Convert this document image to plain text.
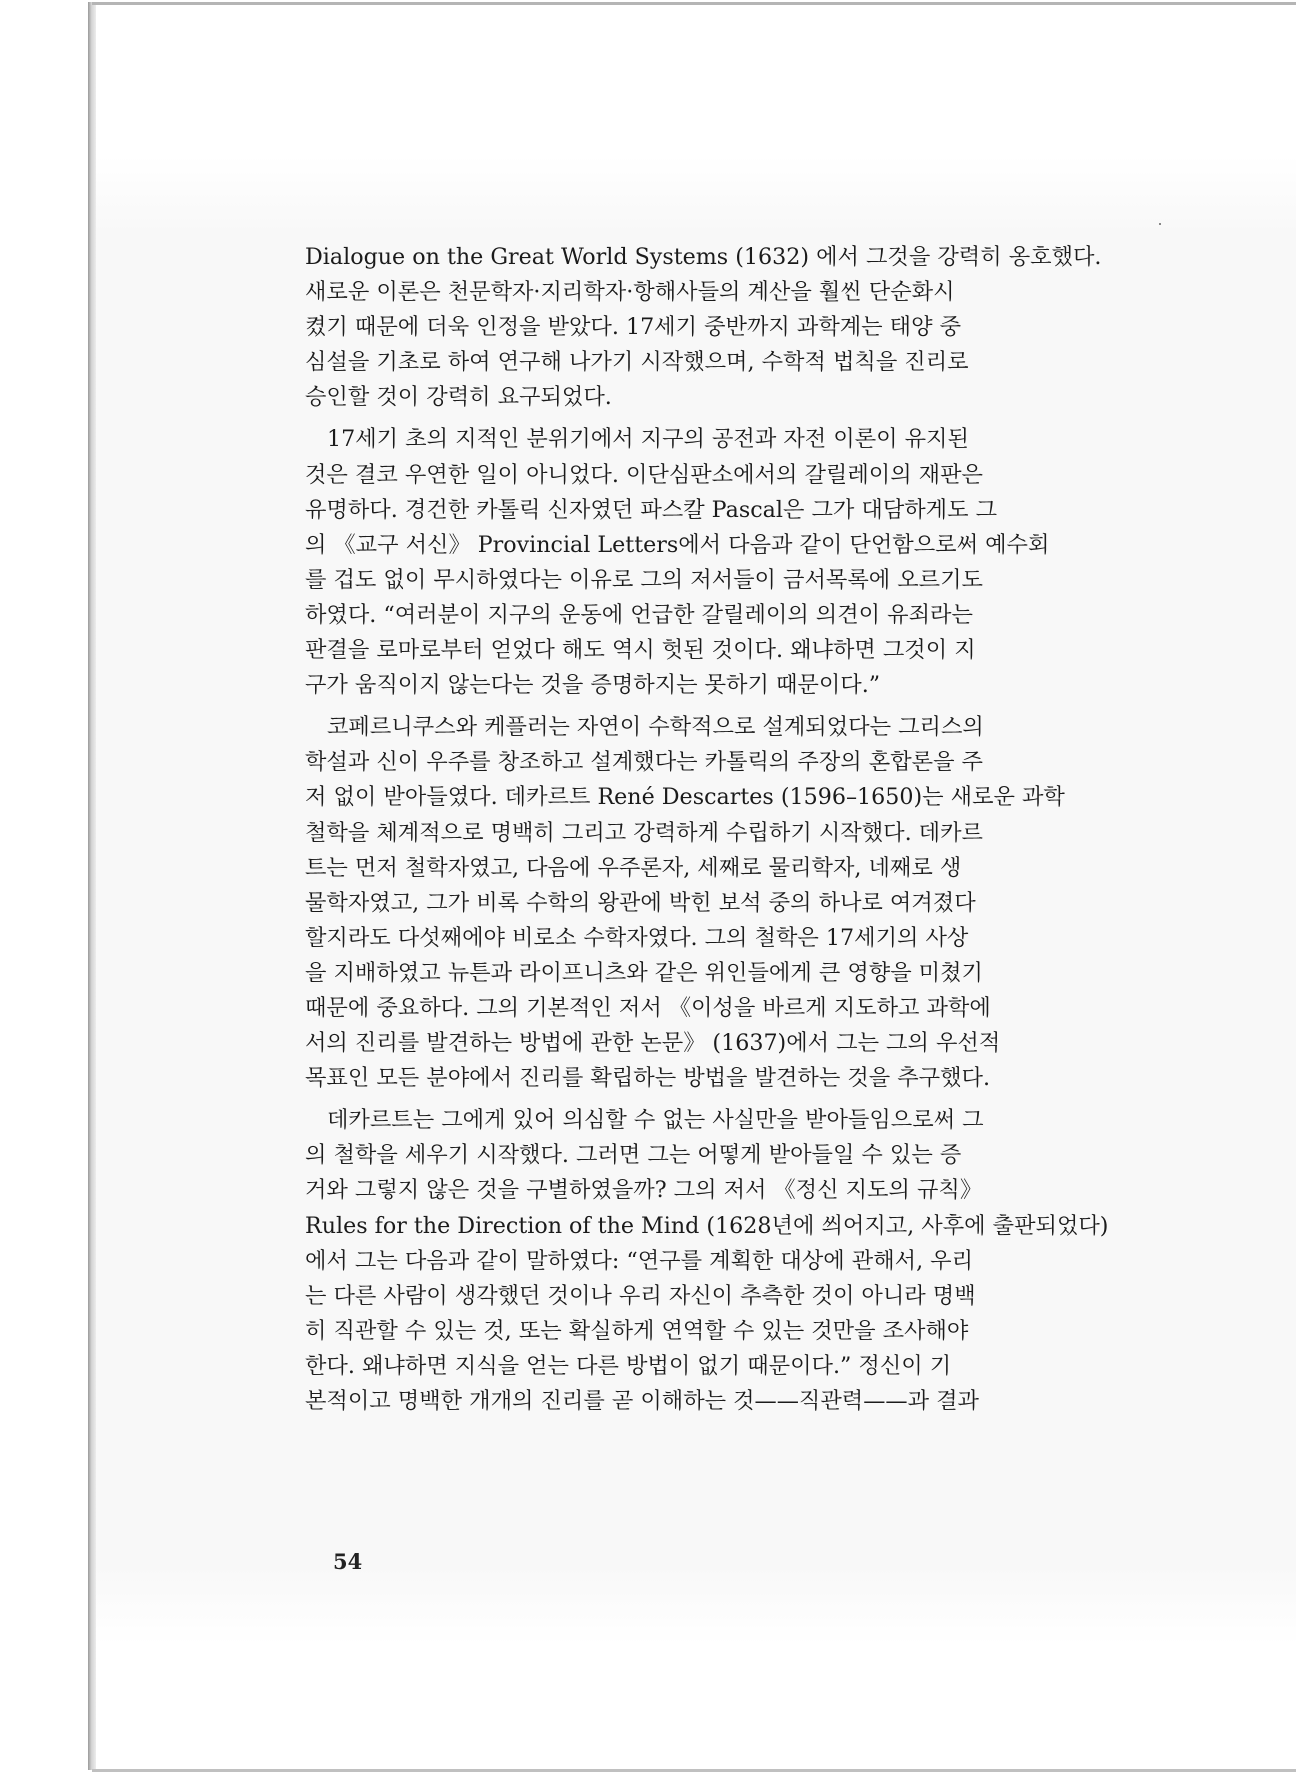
Dialogue on the Great World Systems (1632) 에서 그것을 강력히 옹호했다.
새로운 이론은 천문학자·지리학자·항해사들의 계산을 훨씬 단순화시
켰기 때문에 더욱 인정을 받았다. 17세기 중반까지 과학계는 태양 중
심설을 기초로 하여 연구해 나가기 시작했으며, 수학적 법칙을 진리로
승인할 것이 강력히 요구되었다.
17세기 초의 지적인 분위기에서 지구의 공전과 자전 이론이 유지된
것은 결코 우연한 일이 아니었다. 이단심판소에서의 갈릴레이의 재판은
유명하다. 경건한 카톨릭 신자였던 파스칼 Pascal은 그가 대담하게도 그
의 《교구 서신》 Provincial Letters에서 다음과 같이 단언함으로써 예수회
를 겁도 없이 무시하였다는 이유로 그의 저서들이 금서목록에 오르기도
하였다. “여러분이 지구의 운동에 언급한 갈릴레이의 의견이 유죄라는
판결을 로마로부터 얻었다 해도 역시 헛된 것이다. 왜냐하면 그것이 지
구가 움직이지 않는다는 것을 증명하지는 못하기 때문이다.”
코페르니쿠스와 케플러는 자연이 수학적으로 설계되었다는 그리스의
학설과 신이 우주를 창조하고 설계했다는 카톨릭의 주장의 혼합론을 주
저 없이 받아들였다. 데카르트 René Descartes (1596–1650)는 새로운 과학
철학을 체계적으로 명백히 그리고 강력하게 수립하기 시작했다. 데카르
트는 먼저 철학자였고, 다음에 우주론자, 세째로 물리학자, 네째로 생
물학자였고, 그가 비록 수학의 왕관에 박힌 보석 중의 하나로 여겨졌다
할지라도 다섯째에야 비로소 수학자였다. 그의 철학은 17세기의 사상
을 지배하였고 뉴튼과 라이프니츠와 같은 위인들에게 큰 영향을 미쳤기
때문에 중요하다. 그의 기본적인 저서 《이성을 바르게 지도하고 과학에
서의 진리를 발견하는 방법에 관한 논문》 (1637)에서 그는 그의 우선적
목표인 모든 분야에서 진리를 확립하는 방법을 발견하는 것을 추구했다.
데카르트는 그에게 있어 의심할 수 없는 사실만을 받아들임으로써 그
의 철학을 세우기 시작했다. 그러면 그는 어떻게 받아들일 수 있는 증
거와 그렇지 않은 것을 구별하였을까? 그의 저서 《정신 지도의 규칙》
Rules for the Direction of the Mind (1628년에 씌어지고, 사후에 출판되었다)
에서 그는 다음과 같이 말하였다: “연구를 계획한 대상에 관해서, 우리
는 다른 사람이 생각했던 것이나 우리 자신이 추측한 것이 아니라 명백
히 직관할 수 있는 것, 또는 확실하게 연역할 수 있는 것만을 조사해야
한다. 왜냐하면 지식을 얻는 다른 방법이 없기 때문이다.” 정신이 기
본적이고 명백한 개개의 진리를 곧 이해하는 것——직관력——과 결과
54
